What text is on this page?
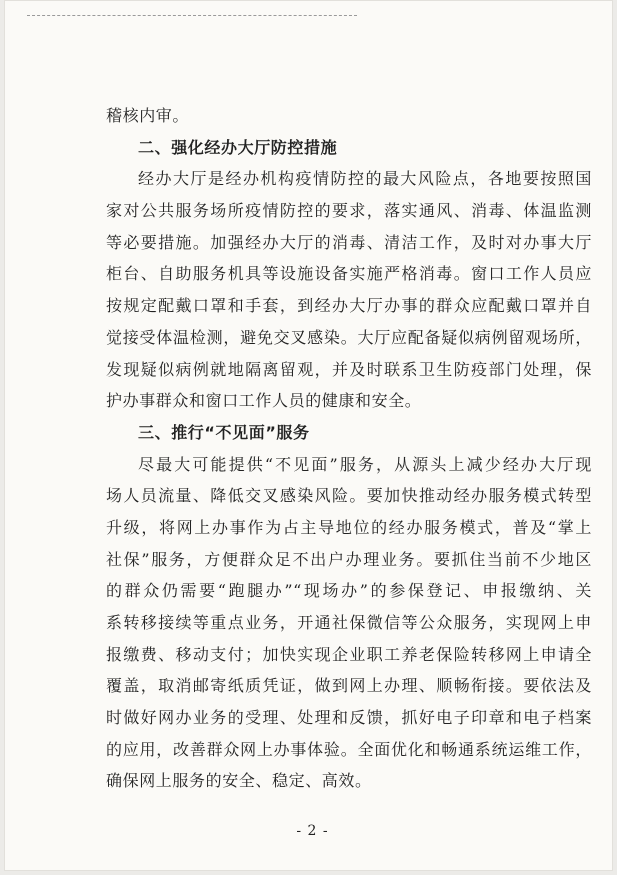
稽核内审。
二、强化经办大厅防控措施
经办大厅是经办机构疫情防控的最大风险点，各地要按照国
家对公共服务场所疫情防控的要求，落实通风、消毒、体温监测
等必要措施。加强经办大厅的消毒、清洁工作，及时对办事大厅
柜台、自助服务机具等设施设备实施严格消毒。窗口工作人员应
按规定配戴口罩和手套，到经办大厅办事的群众应配戴口罩并自
觉接受体温检测，避免交叉感染。大厅应配备疑似病例留观场所，
发现疑似病例就地隔离留观，并及时联系卫生防疫部门处理，保
护办事群众和窗口工作人员的健康和安全。
三、推行“不见面”服务
尽最大可能提供“不见面”服务，从源头上减少经办大厅现
场人员流量、降低交叉感染风险。要加快推动经办服务模式转型
升级，将网上办事作为占主导地位的经办服务模式，普及“掌上
社保”服务，方便群众足不出户办理业务。要抓住当前不少地区
的群众仍需要“跑腿办”“现场办”的参保登记、申报缴纳、关
系转移接续等重点业务，开通社保微信等公众服务，实现网上申
报缴费、移动支付；加快实现企业职工养老保险转移网上申请全
覆盖，取消邮寄纸质凭证，做到网上办理、顺畅衔接。要依法及
时做好网办业务的受理、处理和反馈，抓好电子印章和电子档案
的应用，改善群众网上办事体验。全面优化和畅通系统运维工作，
确保网上服务的安全、稳定、高效。
- 2 -
